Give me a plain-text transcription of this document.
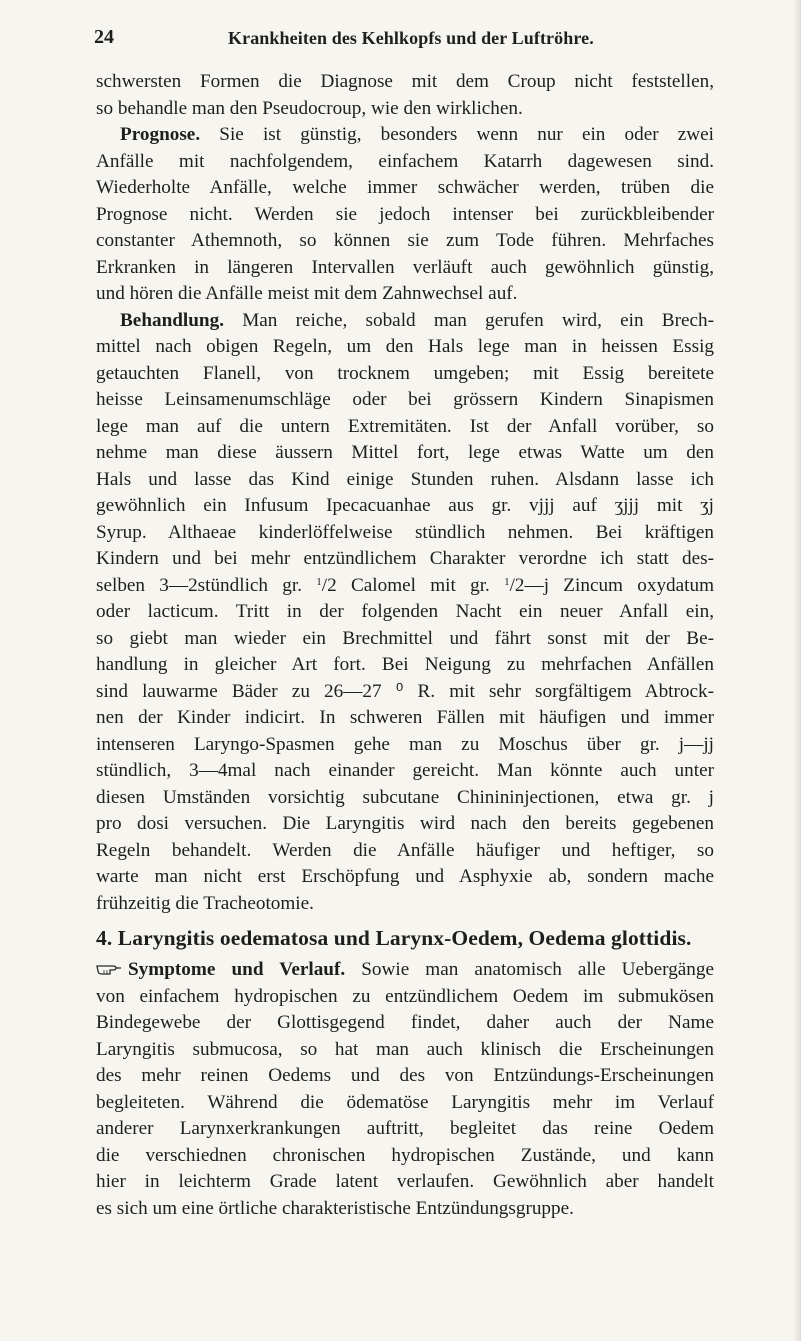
24	Krankheiten des Kehlkopfs und der Luftröhre.
schwersten Formen die Diagnose mit dem Croup nicht feststellen,
so behandle man den Pseudocroup, wie den wirklichen.
Prognose. Sie ist günstig, besonders wenn nur ein oder zwei
Anfälle mit nachfolgendem, einfachem Katarrh dagewesen sind.
Wiederholte Anfälle, welche immer schwächer werden, trüben die
Prognose nicht. Werden sie jedoch intenser bei zurückbleibender
constanter Athemnoth, so können sie zum Tode führen. Mehrfaches
Erkranken in längeren Intervallen verläuft auch gewöhnlich günstig,
und hören die Anfälle meist mit dem Zahnwechsel auf.
Behandlung. Man reiche, sobald man gerufen wird, ein Brech-
mittel nach obigen Regeln, um den Hals lege man in heissen Essig
getauchten Flanell, von trocknem umgeben; mit Essig bereitete
heisse Leinsamenumschläge oder bei grössern Kindern Sinapismen
lege man auf die untern Extremitäten. Ist der Anfall vorüber, so
nehme man diese äussern Mittel fort, lege etwas Watte um den
Hals und lasse das Kind einige Stunden ruhen. Alsdann lasse ich
gewöhnlich ein Infusum Ipecacuanhae aus gr. vjjj auf ʒjjj mit ʒj
Syrup. Althaeae kinderlöffelweise stündlich nehmen. Bei kräftigen
Kindern und bei mehr entzündlichem Charakter verordne ich statt des-
selben 3—2stündlich gr. $^1$/2 Calomel mit gr. $^1$/2—j Zincum oxydatum
oder lacticum. Tritt in der folgenden Nacht ein neuer Anfall ein,
so giebt man wieder ein Brechmittel und fährt sonst mit der Be-
handlung in gleicher Art fort. Bei Neigung zu mehrfachen Anfällen
sind lauwarme Bäder zu 26—27 ⁰ R. mit sehr sorgfältigem Abtrock-
nen der Kinder indicirt. In schweren Fällen mit häufigen und immer
intenseren Laryngo-Spasmen gehe man zu Moschus über gr. j—jj
stündlich, 3—4mal nach einander gereicht. Man könnte auch unter
diesen Umständen vorsichtig subcutane Chinininjectionen, etwa gr. j
pro dosi versuchen. Die Laryngitis wird nach den bereits gegebenen
Regeln behandelt. Werden die Anfälle häufiger und heftiger, so
warte man nicht erst Erschöpfung und Asphyxie ab, sondern mache
frühzeitig die Tracheotomie.
4. Laryngitis oedematosa und Larynx-Oedem, Oedema glottidis.
Symptome und Verlauf. Sowie man anatomisch alle Uebergänge
von einfachem hydropischen zu entzündlichem Oedem im submukösen
Bindegewebe der Glottisgegend findet, daher auch der Name
Laryngitis submucosa, so hat man auch klinisch die Erscheinungen
des mehr reinen Oedems und des von Entzündungs-Erscheinungen
begleiteten. Während die ödematöse Laryngitis mehr im Verlauf
anderer Larynxerkrankungen auftritt, begleitet das reine Oedem
die verschiednen chronischen hydropischen Zustände, und kann
hier in leichterm Grade latent verlaufen. Gewöhnlich aber handelt
es sich um eine örtliche charakteristische Entzündungsgruppe.
